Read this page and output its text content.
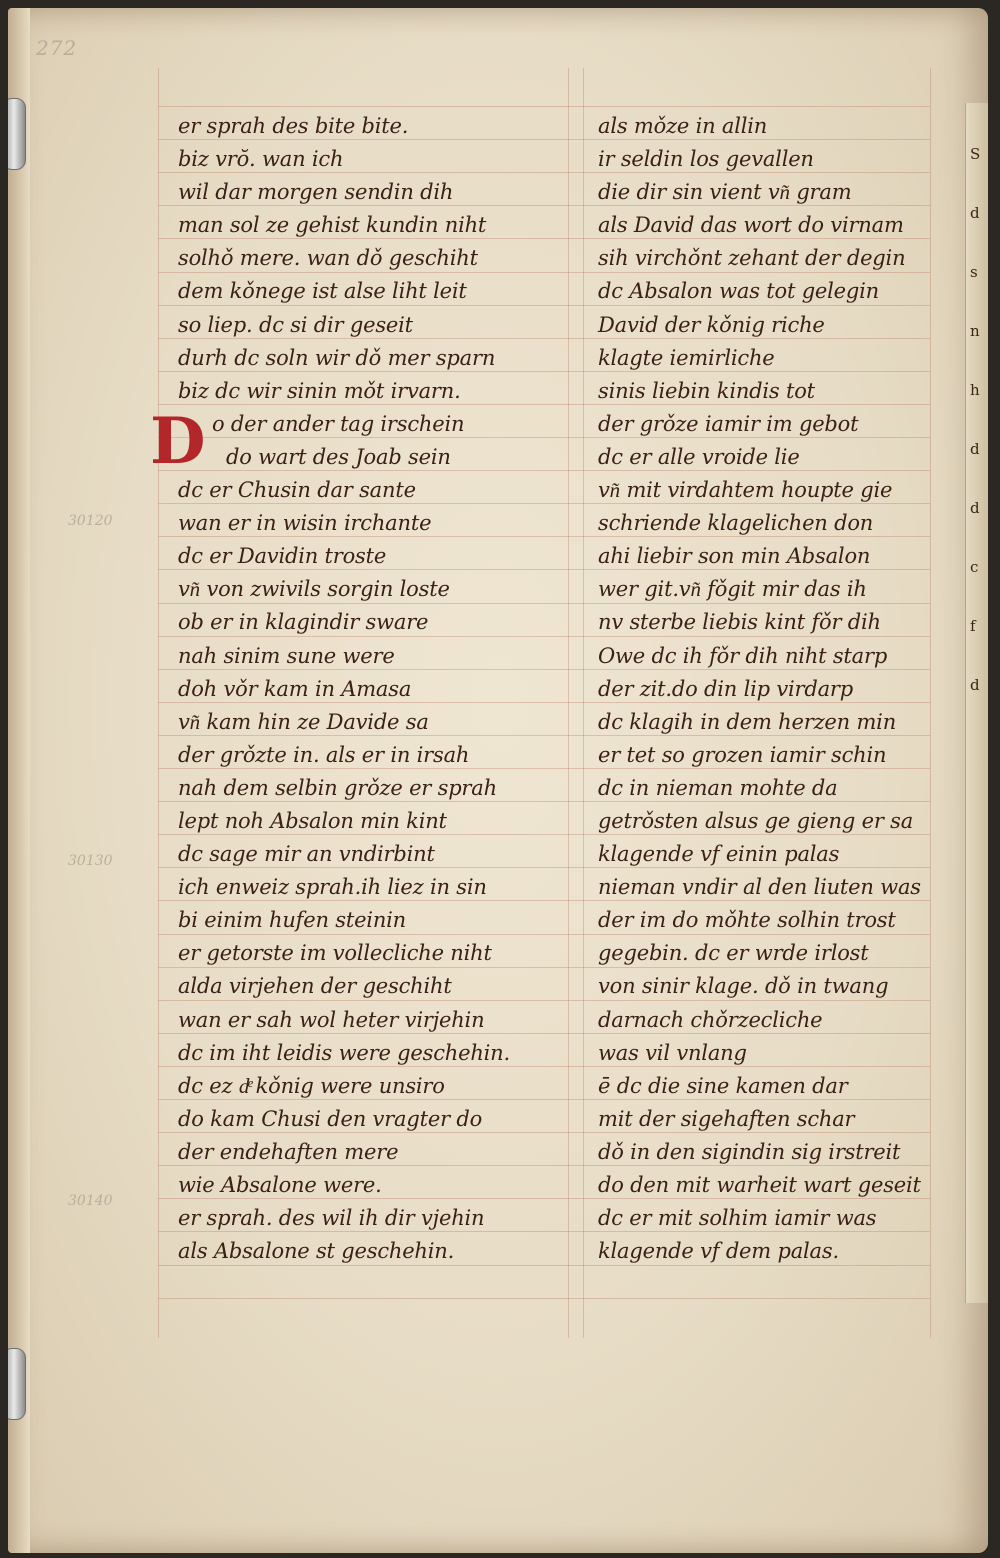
S
d
s
n
h
d
d
c
f
d
272
30120
30130
30140
er sprah des bite bite.
biz vrŏ. wan ich
wil dar morgen sendin dih
man sol ze gehist kundin niht
solhǒ mere. wan dǒ geschiht
dem kǒnege ist alse liht leit
so liep. dc si dir geseit
durh dc soln wir dǒ mer sparn
biz dc wir sinin mǒt irvarn.
D o der ander tag irschein
do wart des Joab sein
dc er Chusin dar sante
wan er in wisin irchante
dc er Davidin troste
vn͂ von zwivils sorgin loste
ob er in klagindir sware
nah sinim sune were
doh vǒr kam in Amasa
vn͂ kam hin ze Davide sa
der grǒzte in. als er in irsah
nah dem selbin grǒze er sprah
lept noh Absalon min kint
dc sage mir an vndirbint
ich enweiz sprah.ih liez in sin
bi einim hufen steinin
er getorste im vollecliche niht
alda virjehen der geschiht
wan er sah wol heter virjehin
dc im iht leidis were geschehin.
dc ez dͤ kǒnig were unsiro
do kam Chusi den vragter do
der endehaften mere
wie Absalone were.
er sprah. des wil ih dir vjehin
als Absalone st geschehin.
als mǒze in allin
ir seldin los gevallen
die dir sin vient vn͂ gram
als David das wort do virnam
sih virchǒnt zehant der degin
dc Absalon was tot gelegin
David der kǒnig riche
klagte iemirliche
sinis liebin kindis tot
der grǒze iamir im gebot
dc er alle vroide lie
vn͂ mit virdahtem houpte gie
schriende klagelichen don
ahi liebir son min Absalon
wer git.vn͂ fǒgit mir das ih
nv sterbe liebis kint fǒr dih
Owe dc ih fǒr dih niht starp
der zit.do din lip virdarp
dc klagih in dem herzen min
er tet so grozen iamir schin
dc in nieman mohte da
getrǒsten alsus ge gieng er sa
klagende vf einin palas
nieman vndir al den liuten was
der im do mǒhte solhin trost
gegebin. dc er wrde irlost
von sinir klage. dǒ in twang
darnach chǒrzecliche
was vil vnlang
ē dc die sine kamen dar
mit der sigehaften schar
dǒ in den sigindin sig irstreit
do den mit warheit wart geseit
dc er mit solhim iamir was
klagende vf dem palas.
